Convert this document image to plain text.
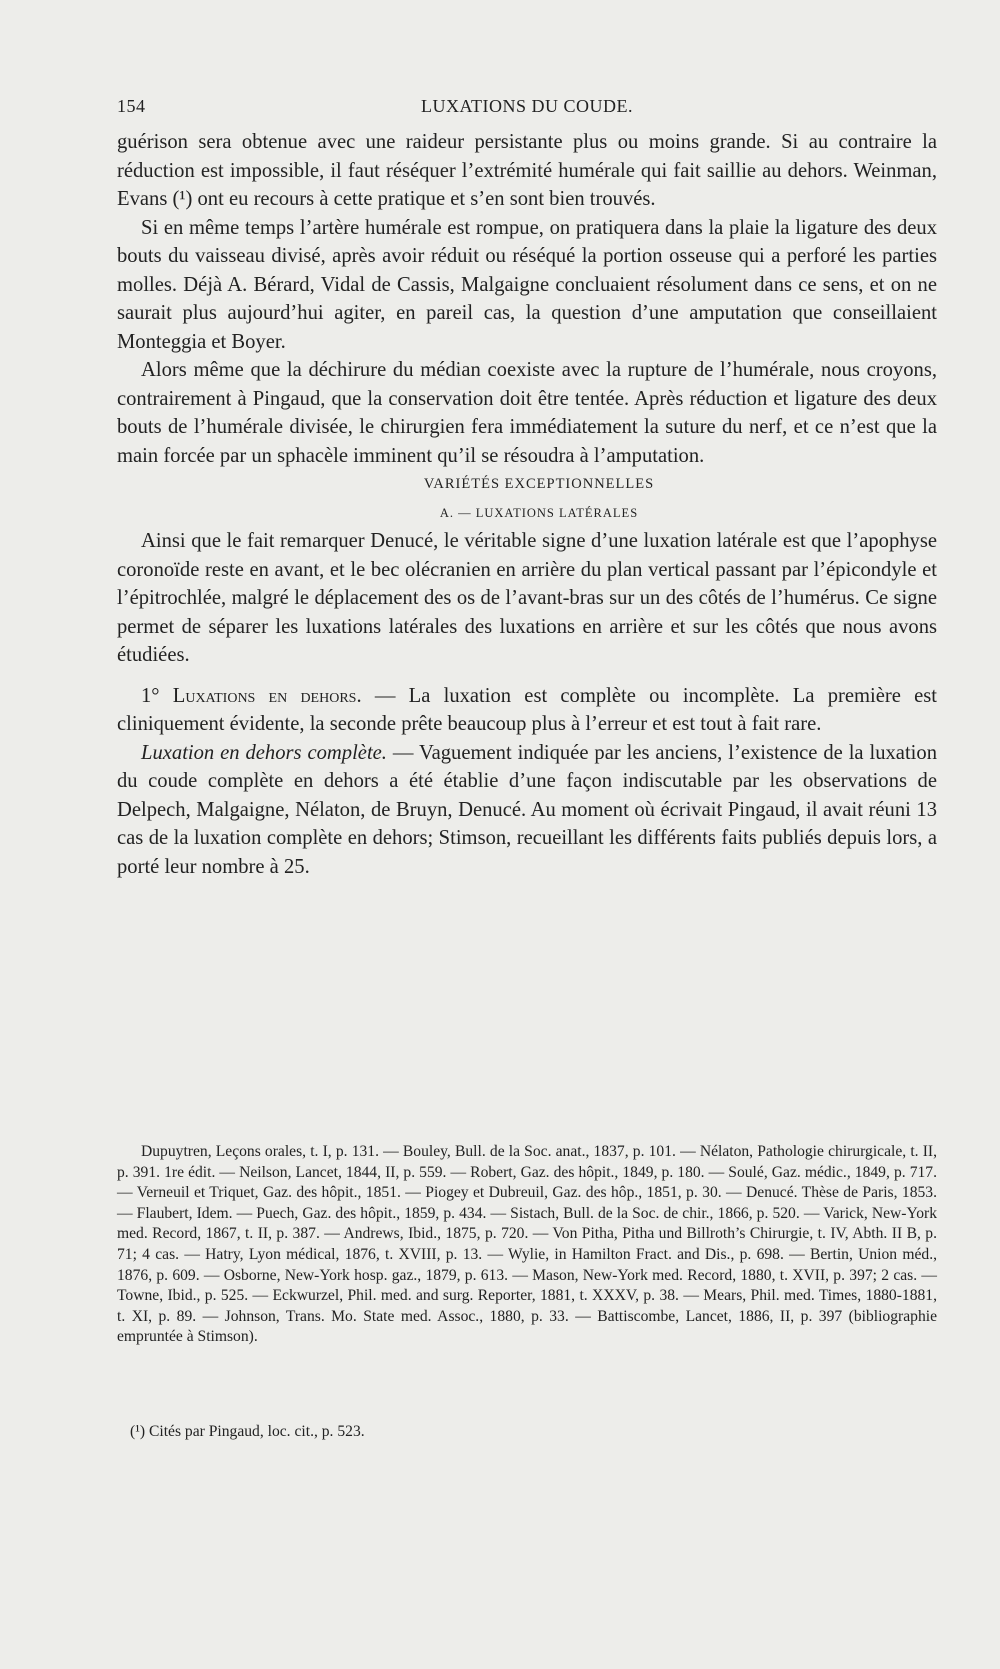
154	LUXATIONS DU COUDE.

guérison sera obtenue avec une raideur persistante plus ou moins grande. Si au contraire la réduction est impossible, il faut réséquer l’extrémité humérale qui fait saillie au dehors. Weinman, Evans (¹) ont eu recours à cette pratique et s’en sont bien trouvés.

Si en même temps l’artère humérale est rompue, on pratiquera dans la plaie la ligature des deux bouts du vaisseau divisé, après avoir réduit ou réséqué la portion osseuse qui a perforé les parties molles. Déjà A. Bérard, Vidal de Cassis, Malgaigne concluaient résolument dans ce sens, et on ne saurait plus aujourd’hui agiter, en pareil cas, la question d’une amputation que conseillaient Monteggia et Boyer.

Alors même que la déchirure du médian coexiste avec la rupture de l’humérale, nous croyons, contrairement à Pingaud, que la conservation doit être tentée. Après réduction et ligature des deux bouts de l’humérale divisée, le chirurgien fera immédiatement la suture du nerf, et ce n’est que la main forcée par un sphacèle imminent qu’il se résoudra à l’amputation.

VARIÉTÉS EXCEPTIONNELLES

A. — LUXATIONS LATÉRALES

Ainsi que le fait remarquer Denucé, le véritable signe d’une luxation latérale est que l’apophyse coronoïde reste en avant, et le bec olécranien en arrière du plan vertical passant par l’épicondyle et l’épitrochlée, malgré le déplacement des os de l’avant-bras sur un des côtés de l’humérus. Ce signe permet de séparer les luxations latérales des luxations en arrière et sur les côtés que nous avons étudiées.

1° Luxations en dehors. — La luxation est complète ou incomplète. La première est cliniquement évidente, la seconde prête beaucoup plus à l’erreur et est tout à fait rare.

Luxation en dehors complète. — Vaguement indiquée par les anciens, l’existence de la luxation du coude complète en dehors a été établie d’une façon indiscutable par les observations de Delpech, Malgaigne, Nélaton, de Bruyn, Denucé. Au moment où écrivait Pingaud, il avait réuni 13 cas de la luxation complète en dehors; Stimson, recueillant les différents faits publiés depuis lors, a porté leur nombre à 25.

Dupuytren, Leçons orales, t. I, p. 131. — Bouley, Bull. de la Soc. anat., 1837, p. 101. — Nélaton, Pathologie chirurgicale, t. II, p. 391. 1re édit. — Neilson, Lancet, 1844, II, p. 559. — Robert, Gaz. des hôpit., 1849, p. 180. — Soulé, Gaz. médic., 1849, p. 717. — Verneuil et Triquet, Gaz. des hôpit., 1851. — Piogey et Dubreuil, Gaz. des hôp., 1851, p. 30. — Denucé. Thèse de Paris, 1853. — Flaubert, Idem. — Puech, Gaz. des hôpit., 1859, p. 434. — Sistach, Bull. de la Soc. de chir., 1866, p. 520. — Varick, New-York med. Record, 1867, t. II, p. 387. — Andrews, Ibid., 1875, p. 720. — Von Pitha, Pitha und Billroth’s Chirurgie, t. IV, Abth. II B, p. 71; 4 cas. — Hatry, Lyon médical, 1876, t. XVIII, p. 13. — Wylie, in Hamilton Fract. and Dis., p. 698. — Bertin, Union méd., 1876, p. 609. — Osborne, New-York hosp. gaz., 1879, p. 613. — Mason, New-York med. Record, 1880, t. XVII, p. 397; 2 cas. — Towne, Ibid., p. 525. — Eckwurzel, Phil. med. and surg. Reporter, 1881, t. XXXV, p. 38. — Mears, Phil. med. Times, 1880-1881, t. XI, p. 89. — Johnson, Trans. Mo. State med. Assoc., 1880, p. 33. — Battiscombe, Lancet, 1886, II, p. 397 (bibliographie empruntée à Stimson).

(¹) Cités par Pingaud, loc. cit., p. 523.
